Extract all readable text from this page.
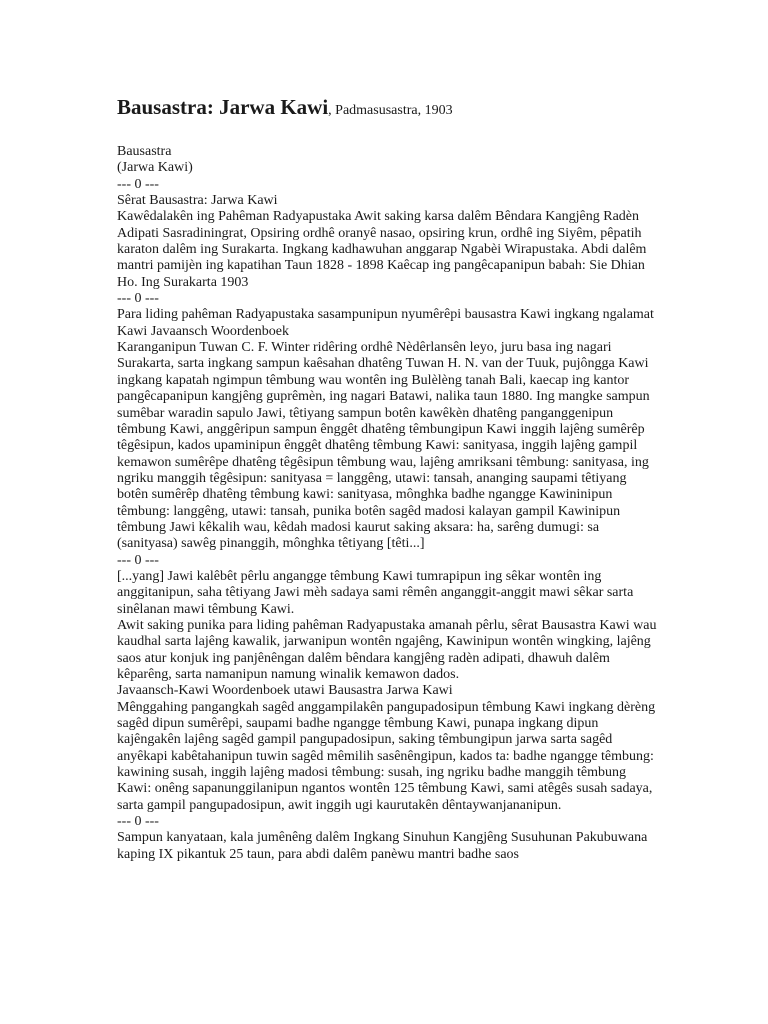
Bausastra: Jarwa Kawi, Padmasusastra, 1903

Bausastra

(Jarwa Kawi)

--- 0 ---

Sêrat Bausastra: Jarwa Kawi

Kawêdalakên ing Pahêman Radyapustaka Awit saking karsa dalêm Bêndara Kangjêng Radèn Adipati Sasradiningrat, Opsiring ordhê oranyê nasao, opsiring krun, ordhê ing Siyêm, pêpatih karaton dalêm ing Surakarta. Ingkang kadhawuhan anggarap Ngabèi Wirapustaka. Abdi dalêm mantri pamijèn ing kapatihan Taun 1828 - 1898 Kaêcap ing pangêcapanipun babah: Sie Dhian Ho. Ing Surakarta 1903

--- 0 ---

Para liding pahêman Radyapustaka sasampunipun nyumêrêpi bausastra Kawi ingkang ngalamat

Kawi Javaansch Woordenboek

Karanganipun Tuwan C. F. Winter ridêring ordhê Nèdêrlansên leyo, juru basa ing nagari Surakarta, sarta ingkang sampun kaêsahan dhatêng Tuwan H. N. van der Tuuk, pujôngga Kawi ingkang kapatah ngimpun têmbung wau wontên ing Bulèlèng tanah Bali, kaecap ing kantor pangêcapanipun kangjêng guprêmèn, ing nagari Batawi, nalika taun 1880. Ing mangke sampun sumêbar waradin sapulo Jawi, têtiyang sampun botên kawêkèn dhatêng panganggenipun têmbung Kawi, anggêripun sampun ênggêt dhatêng têmbungipun Kawi inggih lajêng sumêrêp têgêsipun, kados upaminipun ênggêt dhatêng têmbung Kawi: sanityasa, inggih lajêng gampil kemawon sumêrêpe dhatêng têgêsipun têmbung wau, lajêng amriksani têmbung: sanityasa, ing ngriku manggih têgêsipun: sanityasa = langgêng, utawi: tansah, ananging saupami têtiyang botên sumêrêp dhatêng têmbung kawi: sanityasa, mônghka badhe ngangge Kawininipun têmbung: langgêng, utawi: tansah, punika botên sagêd madosi kalayan gampil Kawinipun têmbung Jawi kêkalih wau, kêdah madosi kaurut saking aksara: ha, sarêng dumugi: sa (sanityasa) sawêg pinanggih, mônghka têtiyang [têti...]

--- 0 ---

[...yang] Jawi kalêbêt pêrlu angangge têmbung Kawi tumrapipun ing sêkar wontên ing anggitanipun, saha têtiyang Jawi mèh sadaya sami rêmên anganggit-anggit mawi sêkar sarta sinêlanan mawi têmbung Kawi.

Awit saking punika para liding pahêman Radyapustaka amanah pêrlu, sêrat Bausastra Kawi wau kaudhal sarta lajêng kawalik, jarwanipun wontên ngajêng, Kawinipun wontên wingking, lajêng saos atur konjuk ing panjênêngan dalêm bêndara kangjêng radèn adipati, dhawuh dalêm kêparêng, sarta namanipun namung winalik kemawon dados.

Javaansch-Kawi Woordenboek utawi Bausastra Jarwa Kawi

Mênggahing pangangkah sagêd anggampilakên pangupadosipun têmbung Kawi ingkang dèrèng sagêd dipun sumêrêpi, saupami badhe ngangge têmbung Kawi, punapa ingkang dipun kajêngakên lajêng sagêd gampil pangupadosipun, saking têmbungipun jarwa sarta sagêd anyêkapi kabêtahanipun tuwin sagêd mêmilih sasênêngipun, kados ta: badhe ngangge têmbung: kawining susah, inggih lajêng madosi têmbung: susah, ing ngriku badhe manggih têmbung Kawi: onêng sapanunggilanipun ngantos wontên 125 têmbung Kawi, sami atêgês susah sadaya, sarta gampil pangupadosipun, awit inggih ugi kaurutakên dêntaywanjananipun.

--- 0 ---

Sampun kanyataan, kala jumênêng dalêm Ingkang Sinuhun Kangjêng Susuhunan Pakubuwana kaping IX pikantuk 25 taun, para abdi dalêm panèwu mantri badhe saos
